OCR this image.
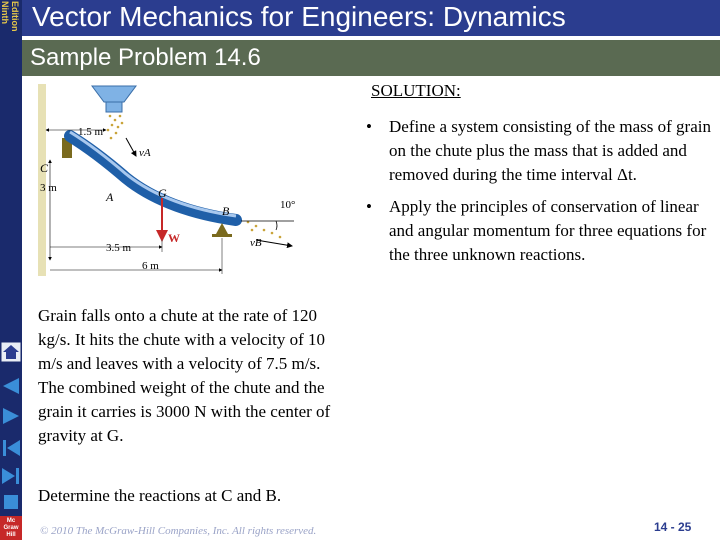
Ninth Edition Vector Mechanics for Engineers: Dynamics
Sample Problem 14.6
Mc
Graw
Hill
1.5 m
3 m
3.5 m
6 m
C
A	G
B	10°
vA
vB
W

Grain falls onto a chute at the rate of 120 kg/s. It hits the chute with a velocity of 10 m/s and leaves with a velocity of 7.5 m/s. The combined weight of the chute and the grain it carries is 3000 N with the center of gravity at G.

Determine the reactions at C and B.

SOLUTION:
• Define a system consisting of the mass of grain on the chute plus the mass that is added and removed during the time interval Δt.
• Apply the principles of conservation of linear and angular momentum for three equations for the three unknown reactions.
© 2010 The McGraw-Hill Companies, Inc. All rights reserved.	14 - 25
